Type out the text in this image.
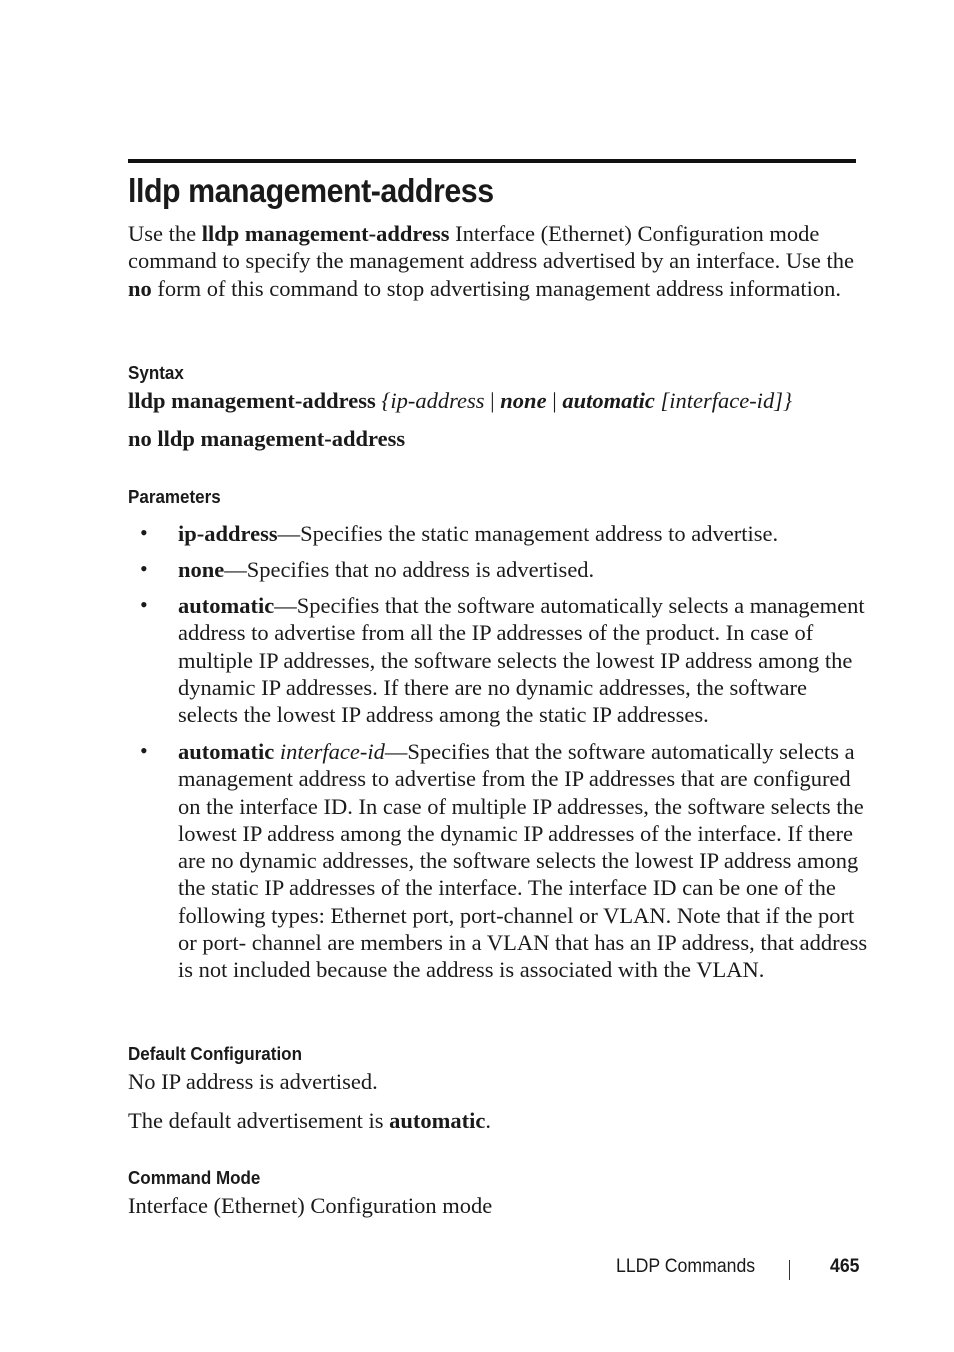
lldp management-address

Use the lldp management-address Interface (Ethernet) Configuration mode command to specify the management address advertised by an interface. Use the no form of this command to stop advertising management address information.

Syntax

lldp management-address {ip-address | none | automatic [interface-id]}

no lldp management-address

Parameters
• ip-address—Specifies the static management address to advertise.

• none—Specifies that no address is advertised.

• automatic—Specifies that the software automatically selects a management address to advertise from all the IP addresses of the product. In case of multiple IP addresses, the software selects the lowest IP address among the dynamic IP addresses. If there are no dynamic addresses, the software selects the lowest IP address among the static IP addresses.

• automatic interface-id—Specifies that the software automatically selects a management address to advertise from the IP addresses that are configured on the interface ID. In case of multiple IP addresses, the software selects the lowest IP address among the dynamic IP addresses of the interface. If there are no dynamic addresses, the software selects the lowest IP address among the static IP addresses of the interface. The interface ID can be one of the following types: Ethernet port, port-channel or VLAN. Note that if the port or port- channel are members in a VLAN that has an IP address, that address is not included because the address is associated with the VLAN.

Default Configuration

No IP address is advertised.

The default advertisement is automatic.

Command Mode

Interface (Ethernet) Configuration mode

LLDP Commands	465
